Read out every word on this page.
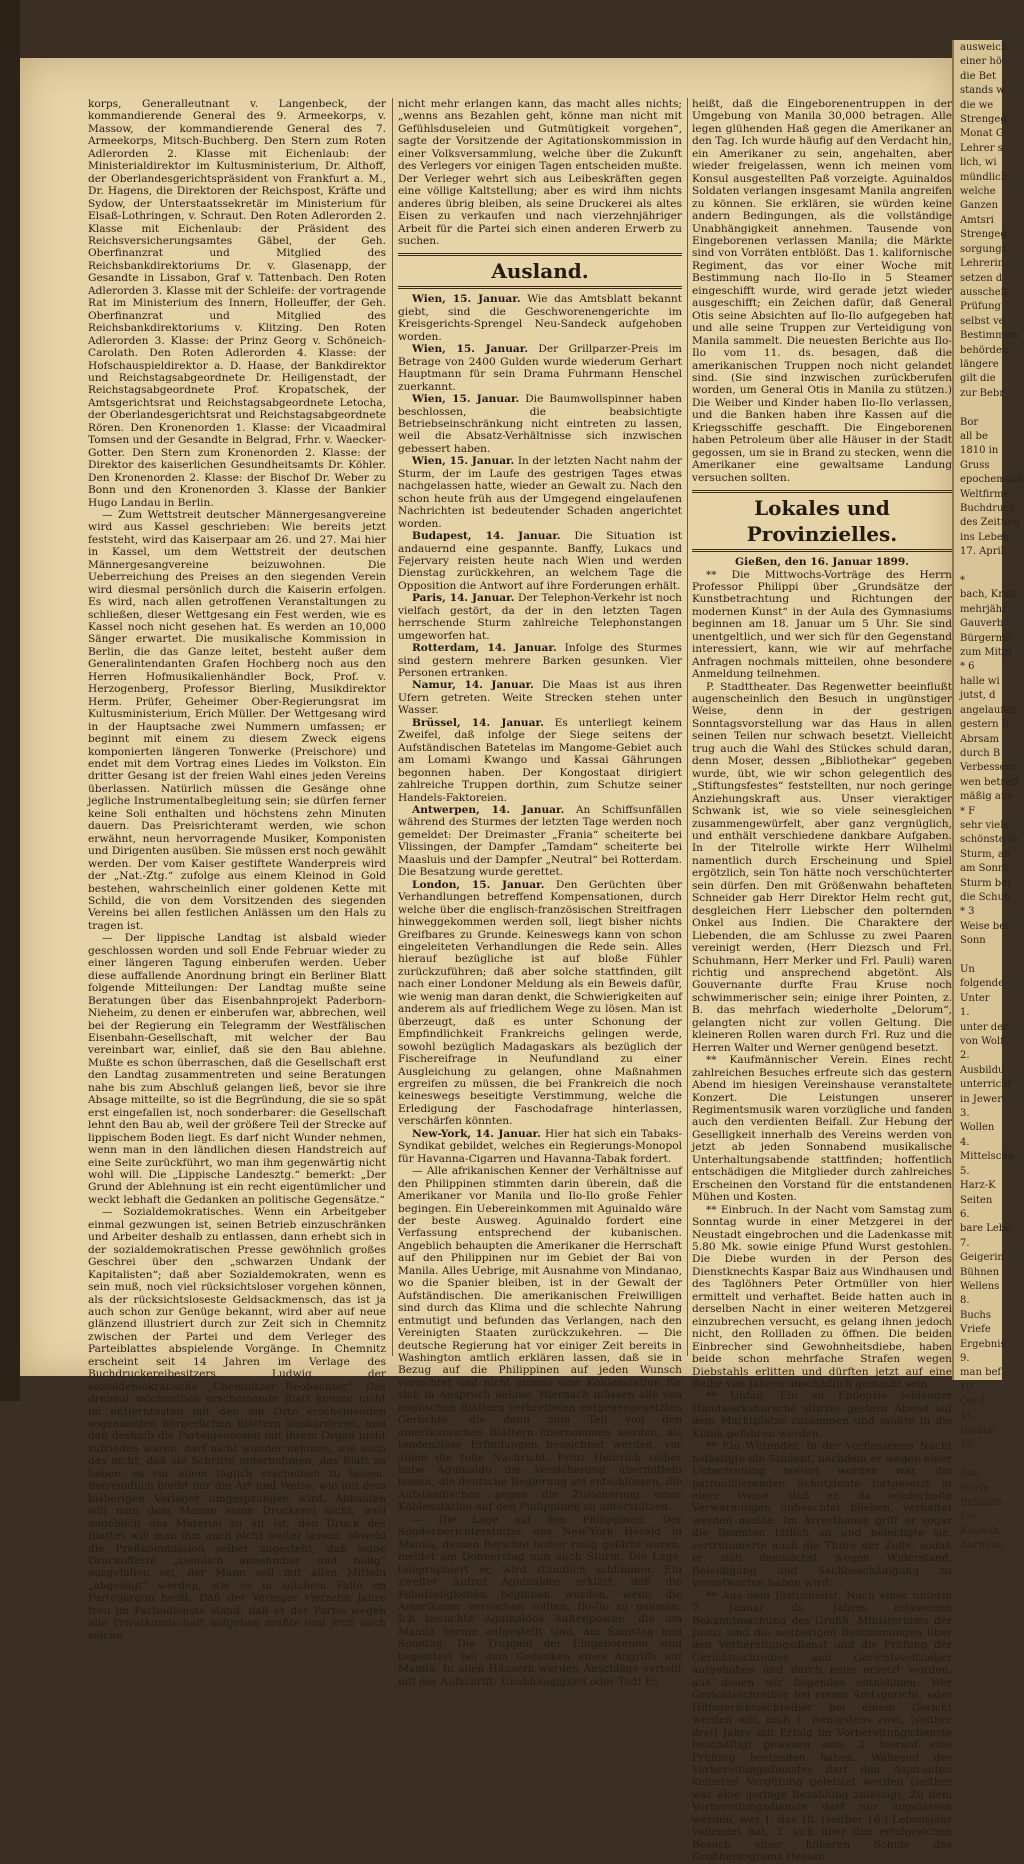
korps, Generalleutnant v. Langenbeck, der kommandierende General des 9. Armeekorps, v. Massow, der kommandierende General des 7. Armeekorps, Mitsch-Buchberg. Den Stern zum Roten Adlerorden 2. Klasse mit Eichenlaub: der Ministerialdirektor im Kultusministerium, Dr. Althoff, der Oberlandesgerichtspräsident von Frankfurt a. M., Dr. Hagens, die Direktoren der Reichspost, Kräfte und Sydow, der Unterstaatssekretär im Ministerium für Elsaß-Lothringen, v. Schraut. Den Roten Adlerorden 2. Klasse mit Eichenlaub: der Präsident des Reichsversicherungsamtes Gäbel, der Geh. Oberfinanzrat und Mitglied des Reichsbankdirektoriums Dr. v. Glasenapp, der Gesandte in Lissabon, Graf v. Tattenbach. Den Roten Adlerorden 3. Klasse mit der Schleife: der vortragende Rat im Ministerium des Innern, Holleuffer, der Geh. Oberfinanzrat und Mitglied des Reichsbankdirektoriums v. Klitzing. Den Roten Adlerorden 3. Klasse: der Prinz Georg v. Schöneich-Carolath. Den Roten Adlerorden 4. Klasse: der Hofschauspieldirektor a. D. Haase, der Bankdirektor und Reichstagsabgeordnete Dr. Heiligenstadt, der Reichstagsabgeordnete Prof. Kropatschek, der Amtsgerichtsrat und Reichstagsabgeordnete Letocha, der Oberlandesgerichtsrat und Reichstagsabgeordnete Rören. Den Kronenorden 1. Klasse: der Vicaadmiral Tomsen und der Gesandte in Belgrad, Frhr. v. Waecker-Gotter. Den Stern zum Kronenorden 2. Klasse: der Direktor des kaiserlichen Gesundheitsamts Dr. Köhler. Den Kronenorden 2. Klasse: der Bischof Dr. Weber zu Bonn und den Kronenorden 3. Klasse der Bankier Hugo Landau in Berlin.

— Zum Wettstreit deutscher Männergesangvereine wird aus Kassel geschrieben: Wie bereits jetzt feststeht, wird das Kaiserpaar am 26. und 27. Mai hier in Kassel, um dem Wettstreit der deutschen Männergesangvereine beizuwohnen. Die Ueberreichung des Preises an den siegenden Verein wird diesmal persönlich durch die Kaiserin erfolgen. Es wird, nach allen getroffenen Veranstaltungen zu schließen, dieser Wettgesang ein Fest werden, wie es Kassel noch nicht gesehen hat. Es werden an 10,000 Sänger erwartet. Die musikalische Kommission in Berlin, die das Ganze leitet, besteht außer dem Generalintendanten Grafen Hochberg noch aus den Herren Hofmusikalienhändler Bock, Prof. v. Herzogenberg, Professor Bierling, Musikdirektor Herm. Prüfer, Geheimer Ober-Regierungsrat im Kultusministerium, Erich Müller. Der Wettgesang wird in der Hauptsache zwei Nummern umfassen; er beginnt mit einem zu diesem Zweck eigens komponierten längeren Tonwerke (Preischore) und endet mit dem Vortrag eines Liedes im Volkston. Ein dritter Gesang ist der freien Wahl eines jeden Vereins überlassen. Natürlich müssen die Gesänge ohne jegliche Instrumentalbegleitung sein; sie dürfen ferner keine Soli enthalten und höchstens zehn Minuten dauern. Das Preisrichteramt werden, wie schon erwähnt, neun hervorragende Musiker, Komponisten und Dirigenten ausüben. Sie müssen erst noch gewählt werden. Der vom Kaiser gestiftete Wanderpreis wird der „Nat.-Ztg.“ zufolge aus einem Kleinod in Gold bestehen, wahrscheinlich einer goldenen Kette mit Schild, die von dem Vorsitzenden des siegenden Vereins bei allen festlichen Anlässen um den Hals zu tragen ist.

— Der lippische Landtag ist alsbald wieder geschlossen worden und soll Ende Februar wieder zu einer längeren Tagung einberufen werden. Ueber diese auffallende Anordnung bringt ein Berliner Blatt folgende Mitteilungen: Der Landtag mußte seine Beratungen über das Eisenbahnprojekt Paderborn-Nieheim, zu denen er einberufen war, abbrechen, weil bei der Regierung ein Telegramm der Westfälischen Eisenbahn-Gesellschaft, mit welcher der Bau vereinbart war, einlief, daß sie den Bau ablehne. Mußte es schon überraschen, daß die Gesellschaft erst den Landtag zusammentreten und seine Beratungen nahe bis zum Abschluß gelangen ließ, bevor sie ihre Absage mitteilte, so ist die Begründung, die sie so spät erst eingefallen ist, noch sonderbarer: die Gesellschaft lehnt den Bau ab, weil der größere Teil der Strecke auf lippischem Boden liegt. Es darf nicht Wunder nehmen, wenn man in den ländlichen diesen Handstreich auf eine Seite zurückführt, wo man ihm gegenwärtig nicht wohl will. Die „Lippische Landesztg.“ bemerkt: „Der Grund der Ablehnung ist ein recht eigentümlicher und weckt lebhaft die Gedanken an politische Gegensätze.“

— Sozialdemokratisches. Wenn ein Arbeitgeber einmal gezwungen ist, seinen Betrieb einzuschränken und Arbeiter deshalb zu entlassen, dann erhebt sich in der sozialdemokratischen Presse gewöhnlich großes Geschrei über den „schwarzen Undank der Kapitalisten“; daß aber Sozialdemokraten, wenn es sein muß, noch viel rücksichtsloser vorgehen können, als der rücksichtsloseste Geldsackmensch, das ist ja auch schon zur Genüge bekannt, wird aber auf neue glänzend illustriert durch zur Zeit sich in Chemnitz zwischen der Partei und dem Verleger des Parteiblattes abspielende Vorgänge. In Chemnitz erscheint seit 14 Jahren im Verlage des Buchdruckereibesitzers Ludwig der sozialdemokratische „Chemnitzer Beobachter“. Das dreimal wöchentlich erscheinende Blatt konnte nicht im entferntesten mit den am Orte erscheinenden sogenannten bürgerlichen Blättern konkurrieren, und daß deshalb die Parteigenossen mit ihrem Organ nicht zufrieden waren, darf nicht wunder nehmen, wie auch das nicht, daß sie Schritte unternahmen, das Blatt zu heben, es vor allem täglich erscheinen zu lassen. Befremdlich bleibt nur die Art und Weise, wie mit dem bisherigen Verleger umgesprungen wird. Abkaufen will man dem Manne seine Druckerei nicht, weil angeblich das Material zu alt ist; den Druck des Blattes will man ihm auch nicht weiter lassen, obwohl die Preßkommission selber zugesteht, daß seine Druckofferte „ziemlich annehmbar und billig“ ausgefallen sei, der Mann soll mit allen Mitteln „abgesägt“ werden, wie es in solchem Falle im Parteijargon heißt. Daß der Verleger vierzehn Jahre treu im Parteidienste stand, daß er der Partei wegen alle Privatkundschaft aufgeben mußte und jetzt auch solche

nicht mehr erlangen kann, das macht alles nichts; „wenns ans Bezahlen geht, könne man nicht mit Gefühlsduseleien und Gutmütigkeit vorgehen“, sagte der Vorsitzende der Agitationskommission in einer Volksversammlung, welche über die Zukunft des Verlegers vor einigen Tagen entscheiden mußte. Der Verleger wehrt sich aus Leibeskräften gegen eine völlige Kaltstellung; aber es wird ihm nichts anderes übrig bleiben, als seine Druckerei als altes Eisen zu verkaufen und nach vierzehnjähriger Arbeit für die Partei sich einen anderen Erwerb zu suchen.

Ausland.

Wien, 15. Januar. Wie das Amtsblatt bekannt giebt, sind die Geschworenengerichte im Kreisgerichts-Sprengel Neu-Sandeck aufgehoben worden.

Wien, 15. Januar. Der Grillparzer-Preis im Betrage von 2400 Gulden wurde wiederum Gerhart Hauptmann für sein Drama Fuhrmann Henschel zuerkannt.

Wien, 15. Januar. Die Baumwollspinner haben beschlossen, die beabsichtigte Betriebseinschränkung nicht eintreten zu lassen, weil die Absatz-Verhältnisse sich inzwischen gebessert haben.

Wien, 15. Januar. In der letzten Nacht nahm der Sturm, der im Laufe des gestrigen Tages etwas nachgelassen hatte, wieder an Gewalt zu. Nach den schon heute früh aus der Umgegend eingelaufenen Nachrichten ist bedeutender Schaden angerichtet worden.

Budapest, 14. Januar. Die Situation ist andauernd eine gespannte. Banffy, Lukacs und Fejervary reisten heute nach Wien und werden Dienstag zurückkehren, an welchem Tage die Opposition die Antwort auf ihre Forderungen erhält.

Paris, 14. Januar. Der Telephon-Verkehr ist noch vielfach gestört, da der in den letzten Tagen herrschende Sturm zahlreiche Telephonstangen umgeworfen hat.

Rotterdam, 14. Januar. Infolge des Sturmes sind gestern mehrere Barken gesunken. Vier Personen ertranken.

Namur, 14. Januar. Die Maas ist aus ihren Ufern getreten. Weite Strecken stehen unter Wasser.

Brüssel, 14. Januar. Es unterliegt keinem Zweifel, daß infolge der Siege seitens der Aufständischen Batetelas im Mangome-Gebiet auch am Lomami Kwango und Kassai Gährungen begonnen haben. Der Kongostaat dirigiert zahlreiche Truppen dorthin, zum Schutze seiner Handels-Faktoreien.

Antwerpen, 14. Januar. An Schiffsunfällen während des Sturmes der letzten Tage werden noch gemeldet: Der Dreimaster „Frania“ scheiterte bei Vlissingen, der Dampfer „Tamdam“ scheiterte bei Maasluis und der Dampfer „Neutral“ bei Rotterdam. Die Besatzung wurde gerettet.

London, 15. Januar. Den Gerüchten über Verhandlungen betreffend Kompensationen, durch welche über die englisch-französischen Streitfragen hinweggekommen werden soll, liegt bisher nichts Greifbares zu Grunde. Keineswegs kann von schon eingeleiteten Verhandlungen die Rede sein. Alles hierauf bezügliche ist auf bloße Fühler zurückzuführen; daß aber solche stattfinden, gilt nach einer Londoner Meldung als ein Beweis dafür, wie wenig man daran denkt, die Schwierigkeiten auf anderem als auf friedlichem Wege zu lösen. Man ist überzeugt, daß es unter Schonung der Empfindlichkeit Frankreichs gelingen werde, sowohl bezüglich Madagaskars als bezüglich der Fischereifrage in Neufundland zu einer Ausgleichung zu gelangen, ohne Maßnahmen ergreifen zu müssen, die bei Frankreich die noch keineswegs beseitigte Verstimmung, welche die Erledigung der Faschodafrage hinterlassen, verschärfen könnten.

New-York, 14. Januar. Hier hat sich ein Tabaks-Syndikat gebildet, welches ein Regierungs-Monopol für Havanna-Cigarren und Havanna-Tabak fordert.

— Alle afrikanischen Kenner der Verhältnisse auf den Philippinen stimmten darin überein, daß die Amerikaner vor Manila und Ilo-Ilo große Fehler begingen. Ein Uebereinkommen mit Aguinaldo wäre der beste Ausweg. Aguinaldo fordert eine Verfassung entsprechend der kubanischen. Angeblich behaupten die Amerikaner die Herrschaft auf den Philippinen nur im Gebiet der Bai von Manila. Alles Uebrige, mit Ausnahme von Mindanao, wo die Spanier bleiben, ist in der Gewalt der Aufständischen. Die amerikanischen Freiwilligen sind durch das Klima und die schlechte Nahrung entmutigt und befunden das Verlangen, nach den Vereinigten Staaten zurückzukehren. — Die deutsche Regierung hat vor einiger Zeit bereits in Washington amtlich erklären lassen, daß sie in Bezug auf die Philippinen auf jeden Wunsch verzichtet und nicht einmal eine Kohlenstation für sich in Anspruch nehme. Hiernach müssen alle von englischen Blättern verbreiteten entgegengesetzten Gerüchte, die dann zum Teil von den amerikanischen Blättern übernommen werden, als tendenziöse Erfindungen bezeichnet werden, vor allem die tolle Nachricht, Prinz Heinrich selber habe Aguinaldo die Versicherung übermitteln lassen, die deutsche Regierung sei entschlossen, die Aufständischen gegen die Zusicherung einer Kohlenstation auf den Philippinen zu unterstützen.

— Die Lage auf den Philippinen. Der Sonderberichterstatter des New-York Herald in Manila, dessen Berichte bisher rosig gefärbt waren, meldet am Donnerstag nun auch Sturm. Die Lage, telegraphiert er, wird ständlich schlimmer. Ein zweiter Aufruf Aguinaldos erklärt, daß die Feindseligkeiten beginnen würden, wenn die Amerikaner versuchen sollten, Ilo-Ilo zu nehmen. Ich besuchte Aguinaldos Außenposten, die um Manila herum aufgestellt sind, am Samstag und Sonntag. Die Truppen der Eingeborenen sind begeistert bei dem Gedanken eines Angriffs auf Manila. In allen Häusern werden Anschläge verteilt mit der Aufschrift: Unabhängigkeit oder Tod! Es

heißt, daß die Eingeborenentruppen in der Umgebung von Manila 30,000 betragen. Alle legen glühenden Haß gegen die Amerikaner an den Tag. Ich wurde häufig auf den Verdacht hin, ein Amerikaner zu sein, angehalten, aber wieder freigelassen, wenn ich meinen vom Konsul ausgestellten Paß vorzeigte. Aguinaldos Soldaten verlangen insgesamt Manila angreifen zu können. Sie erklären, sie würden keine andern Bedingungen, als die vollständige Unabhängigkeit annehmen. Tausende von Eingeborenen verlassen Manila; die Märkte sind von Vorräten entblößt. Das 1. kalifornische Regiment, das vor einer Woche mit Bestimmung nach Ilo-Ilo in 5 Steamer eingeschifft wurde, wird gerade jetzt wieder ausgeschifft; ein Zeichen dafür, daß General Otis seine Absichten auf Ilo-Ilo aufgegeben hat und alle seine Truppen zur Verteidigung von Manila sammelt. Die neuesten Berichte aus Ilo-Ilo vom 11. ds. besagen, daß die amerikanischen Truppen noch nicht gelandet sind. (Sie sind inzwischen zurückberufen worden, um General Otis in Manila zu stützen.) Die Weiber und Kinder haben Ilo-Ilo verlassen, und die Banken haben ihre Kassen auf die Kriegsschiffe geschafft. Die Eingeborenen haben Petroleum über alle Häuser in der Stadt gegossen, um sie in Brand zu stecken, wenn die Amerikaner eine gewaltsame Landung versuchen sollten.

Lokales und Provinzielles.

Gießen, den 16. Januar 1899.

** Die Mittwochs-Vorträge des Herrn Professor Philippi über „Grundsätze der Kunstbetrachtung und Richtungen der modernen Kunst“ in der Aula des Gymnasiums beginnen am 18. Januar um 5 Uhr. Sie sind unentgeltlich, und wer sich für den Gegenstand interessiert, kann, wie wir auf mehrfache Anfragen nochmals mitteilen, ohne besondere Anmeldung teilnehmen.

P. Stadttheater. Das Regenwetter beeinflußt augenscheinlich den Besuch in ungünstiger Weise, denn in der gestrigen Sonntagsvorstellung war das Haus in allen seinen Teilen nur schwach besetzt. Vielleicht trug auch die Wahl des Stückes schuld daran, denn Moser, dessen „Bibliothekar“ gegeben wurde, übt, wie wir schon gelegentlich des „Stiftungsfestes“ feststellten, nur noch geringe Anziehungskraft aus. Unser vieraktiger Schwank ist, wie so viele seinesgleichen zusammengewürfelt, aber ganz vergnüglich, und enthält verschiedene dankbare Aufgaben. In der Titelrolle wirkte Herr Wilhelmi namentlich durch Erscheinung und Spiel ergötzlich, sein Ton hätte noch verschüchterter sein dürfen. Den mit Größenwahn behafteten Schneider gab Herr Direktor Helm recht gut, desgleichen Herr Liebscher den polternden Onkel aus Indien. Die Charaktere der Liebenden, die am Schlusse zu zwei Paaren vereinigt werden, (Herr Diezsch und Frl. Schuhmann, Herr Merker und Frl. Pauli) waren richtig und ansprechend abgetönt. Als Gouvernante durfte Frau Kruse noch schwimmerischer sein; einige ihrer Pointen, z. B. das mehrfach wiederholte „Delorum“, gelangten nicht zur vollen Geltung. Die kleineren Rollen waren durch Frl. Ruz und die Herren Walter und Werner genügend besetzt.

** Kaufmännischer Verein. Eines recht zahlreichen Besuches erfreute sich das gestern Abend im hiesigen Vereinshause veranstaltete Konzert. Die Leistungen unserer Regimentsmusik waren vorzügliche und fanden auch den verdienten Beifall. Zur Hebung der Geselligkeit innerhalb des Vereins werden von jetzt ab jeden Sonnabend musikalische Unterhaltungsabende stattfinden; hoffentlich entschädigen die Mitglieder durch zahlreiches Erscheinen den Vorstand für die entstandenen Mühen und Kosten.

** Einbruch. In der Nacht vom Samstag zum Sonntag wurde in einer Metzgerei in der Neustadt eingebrochen und die Ladenkasse mit 5.80 Mk. sowie einige Pfund Wurst gestohlen. Die Diebe wurden in der Person des Dienstknechts Kaspar Baiz aus Windhausen und des Taglöhners Peter Ortmüller von hier ermittelt und verhaftet. Beide hatten auch in derselben Nacht in einer weiteren Metzgerei einzubrechen versucht, es gelang ihnen jedoch nicht, den Rollladen zu öffnen. Die beiden Einbrecher sind Gewohnheitsdiebe, haben beide schon mehrfache Strafen wegen Diebstahls erlitten und dürften jetzt auf eine Reihe von Jahren unschädlich gemacht sein.

** Unfall. Ein an Epilepsie leidender Handwerksbursche stürzte gestern Abend auf dem Marktplatze zusammen und mußte in die Klinik gefahren werden.

** Ein Wütender. In der verflossenen Nacht belästigte ein Student, nachdem er wegen einer Uebertretung notiert worden war, die patrouillierenden Schutzleute fortgesetzt in einer Weise, daß er, da wiederholte Verwarnungen unbeachtet blieben, verhaftet werden mußte. Im Arresthause griff er sogar die Beamten tätlich an und beleidigte sie, zertrümmerte auch die Thüre der Zelle, sodaß er sich demnächst wegen Widerstand, Beleidigung und Sachbeschädigung zu verantworten haben wird.

** Aus dem Justizdienst. Nach einer unterm 7. Januar ds. Jahres erlassenen Bekanntmachung des Großh. Ministeriums der Justiz sind die seitherigen Bestimmungen über den Vorbereitungsdienst und die Prüfung der Gerichtsschreiber und Gerichtsvollzieher aufgehoben und durch neue ersetzt worden, aus denen wir folgendes entnehmen: Wer Gerichtsschreiber bei einem Amtsgericht, oder Hilfsgerichtsschreiber bei einem Gericht werden will, muß 1. wenigstens zwei, (seither drei) Jahre mit Erfolg im Vorbereitungsdienste beschäftigt gewesen sein; 2. hierauf eine Prüfung bestanden haben. Während des Vorbereitungsdienstes darf den Aspiranten keinerlei Vergütung geleistet werden (seither war eine geringe Bezahlung zulässig). Zu dem Vorbereitungsdienste darf nur zugelassen werden, wer 1. das 18. (seither 16.) Lebensjahr vollendet hat, 2. sich über den erfolgreichen Besuch einer höheren Schule des Großherzogtums Hessen

ausweich

einer hö

die Bet

stands w

die we

Strengeg

Monat G

Lehrer s

lich, wi

mündlich

welche

Ganzen

Amtsri

Strengeg

sorgungs

Lehrerin

setzen d

ausscheit

Prüfung

selbst ve

Bestimmun

behörden

längere

gilt die

zur Bebr

Bor

all be

1810 in

Gruss

epochemach

Weltfirme

Buchdruck

des Zeitung

ins Leben

17. April

*

bach, Kraft

mehrjähr

Gauverb

Bürgerme

zum Mitgl

* 6

halle wi

jutst, d

angelaufen

gestern B

Abrsam

durch B

Verbesseru

wen betreff

mäßig aus

* F

sehr viele

schönste in

Sturm, an

am Sonnt

Sturm bei

die Schub

* 3

Weise bei

Sonn

Un

folgende

Unter

1.

unter der

von Wolf

2.

Ausbildu

unterricht

in Jewer

3.

Wollen

4.

Mittelschu

5.

Harz-K

Seiten

6.

bare Lebe

7.

Geigerin

Bühnen

Wellens

8.

Buchs

Vriefe

Ergebnis

9.

man bef

10.

Ost-L

11.

Jagdbe

12.

Bau

Harfe

Beliebte

Lie

Kuswah

Ahrheim
